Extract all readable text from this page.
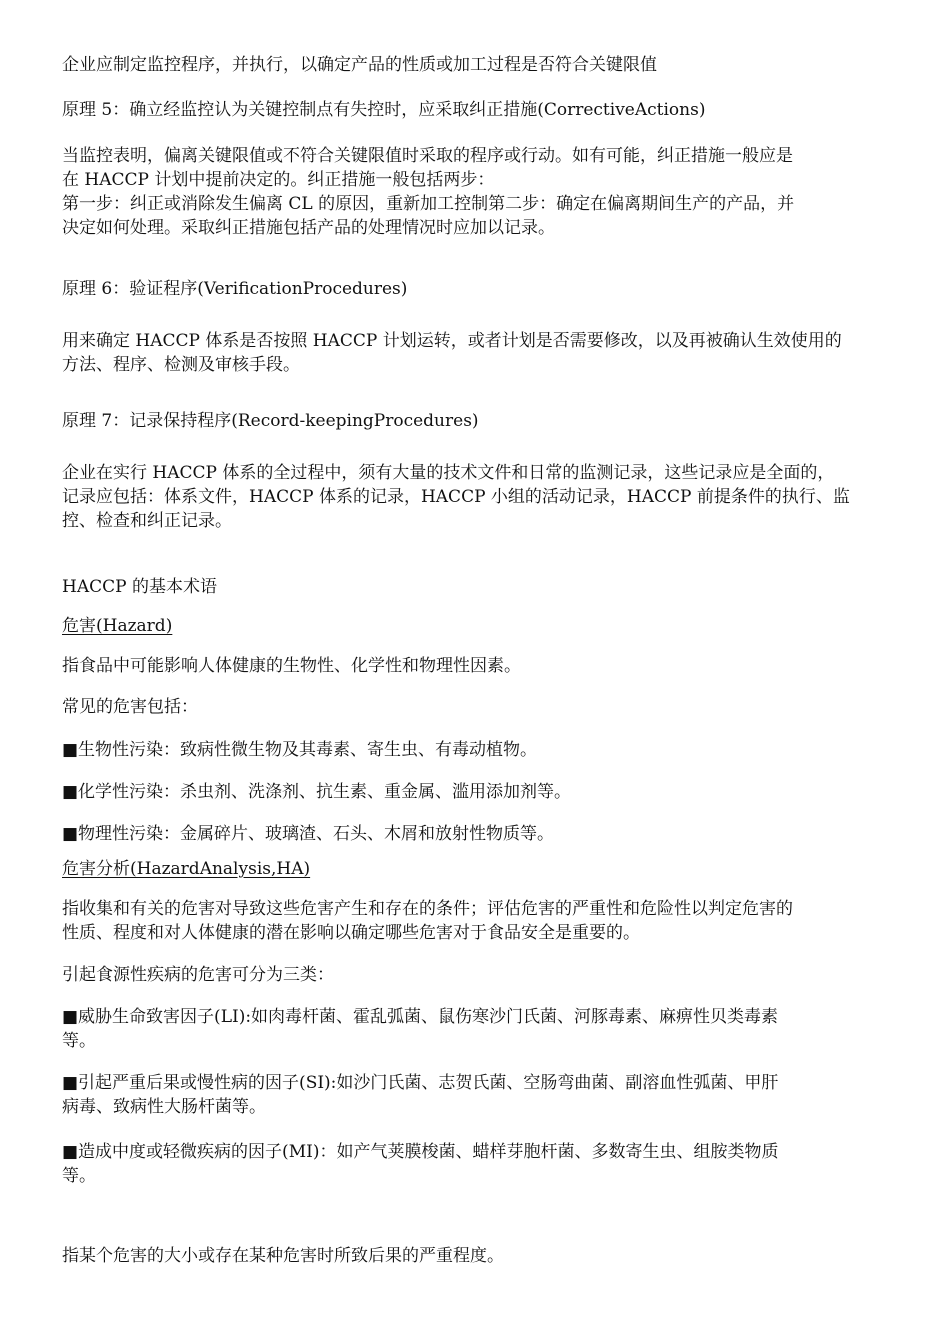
企业应制定监控程序，并执行，以确定产品的性质或加工过程是否符合关键限值

原理 5：确立经监控认为关键控制点有失控时，应采取纠正措施(CorrectiveActions)

当监控表明，偏离关键限值或不符合关键限值时采取的程序或行动。如有可能，纠正措施一般应是
在 HACCP 计划中提前决定的。纠正措施一般包括两步：
第一步：纠正或消除发生偏离 CL 的原因，重新加工控制第二步：确定在偏离期间生产的产品，并
决定如何处理。采取纠正措施包括产品的处理情况时应加以记录。

原理 6：验证程序(VerificationProcedures)

用来确定 HACCP 体系是否按照 HACCP 计划运转，或者计划是否需要修改，以及再被确认生效使用的
方法、程序、检测及审核手段。

原理 7：记录保持程序(Record-keepingProcedures)

企业在实行 HACCP 体系的全过程中，须有大量的技术文件和日常的监测记录，这些记录应是全面的，
记录应包括：体系文件，HACCP 体系的记录，HACCP 小组的活动记录，HACCP 前提条件的执行、监
控、检查和纠正记录。

HACCP 的基本术语

危害(Hazard)

指食品中可能影响人体健康的生物性、化学性和物理性因素。

常见的危害包括：

■生物性污染：致病性微生物及其毒素、寄生虫、有毒动植物。

■化学性污染：杀虫剂、洗涤剂、抗生素、重金属、滥用添加剂等。

■物理性污染：金属碎片、玻璃渣、石头、木屑和放射性物质等。

危害分析(HazardAnalysis,HA)

指收集和有关的危害对导致这些危害产生和存在的条件；评估危害的严重性和危险性以判定危害的
性质、程度和对人体健康的潜在影响以确定哪些危害对于食品安全是重要的。

引起食源性疾病的危害可分为三类：

■威胁生命致害因子(LI):如肉毒杆菌、霍乱弧菌、鼠伤寒沙门氏菌、河豚毒素、麻痹性贝类毒素
等。

■引起严重后果或慢性病的因子(SI):如沙门氏菌、志贺氏菌、空肠弯曲菌、副溶血性弧菌、甲肝
病毒、致病性大肠杆菌等。

■造成中度或轻微疾病的因子(MI)：如产气荚膜梭菌、蜡样芽胞杆菌、多数寄生虫、组胺类物质
等。

指某个危害的大小或存在某种危害时所致后果的严重程度。
